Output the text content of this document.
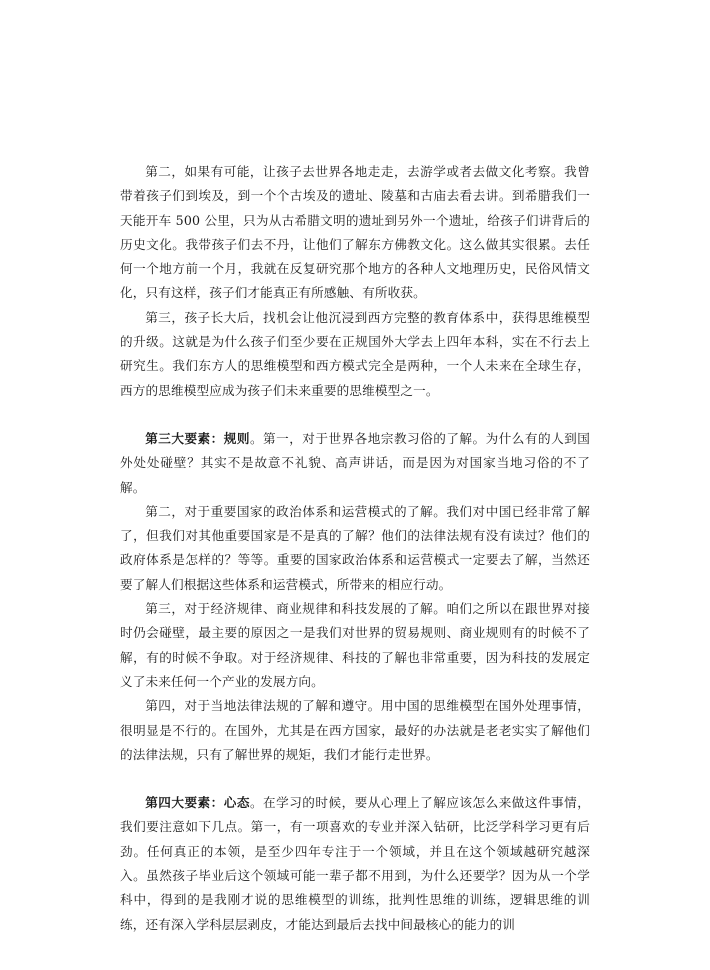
第二，如果有可能，让孩子去世界各地走走，去游学或者去做文化考察。我曾带着孩子们到埃及，到一个个古埃及的遗址、陵墓和古庙去看去讲。到希腊我们一天能开车 500 公里，只为从古希腊文明的遗址到另外一个遗址，给孩子们讲背后的历史文化。我带孩子们去不丹，让他们了解东方佛教文化。这么做其实很累。去任何一个地方前一个月，我就在反复研究那个地方的各种人文地理历史，民俗风情文化，只有这样，孩子们才能真正有所感触、有所收获。

第三，孩子长大后，找机会让他沉浸到西方完整的教育体系中，获得思维模型的升级。这就是为什么孩子们至少要在正规国外大学去上四年本科，实在不行去上研究生。我们东方人的思维模型和西方模式完全是两种，一个人未来在全球生存，西方的思维模型应成为孩子们未来重要的思维模型之一。

第三大要素：规则。第一，对于世界各地宗教习俗的了解。为什么有的人到国外处处碰壁？其实不是故意不礼貌、高声讲话，而是因为对国家当地习俗的不了解。

第二，对于重要国家的政治体系和运营模式的了解。我们对中国已经非常了解了，但我们对其他重要国家是不是真的了解？他们的法律法规有没有读过？他们的政府体系是怎样的？等等。重要的国家政治体系和运营模式一定要去了解，当然还要了解人们根据这些体系和运营模式，所带来的相应行动。

第三，对于经济规律、商业规律和科技发展的了解。咱们之所以在跟世界对接时仍会碰壁，最主要的原因之一是我们对世界的贸易规则、商业规则有的时候不了解，有的时候不争取。对于经济规律、科技的了解也非常重要，因为科技的发展定义了未来任何一个产业的发展方向。

第四，对于当地法律法规的了解和遵守。用中国的思维模型在国外处理事情，很明显是不行的。在国外，尤其是在西方国家，最好的办法就是老老实实了解他们的法律法规，只有了解世界的规矩，我们才能行走世界。

第四大要素：心态。在学习的时候，要从心理上了解应该怎么来做这件事情，我们要注意如下几点。第一，有一项喜欢的专业并深入钻研，比泛学科学习更有后劲。任何真正的本领，是至少四年专注于一个领域，并且在这个领域越研究越深入。虽然孩子毕业后这个领域可能一辈子都不用到，为什么还要学？因为从一个学科中，得到的是我刚才说的思维模型的训练，批判性思维的训练，逻辑思维的训练，还有深入学科层层剥皮，才能达到最后去找中间最核心的能力的训
